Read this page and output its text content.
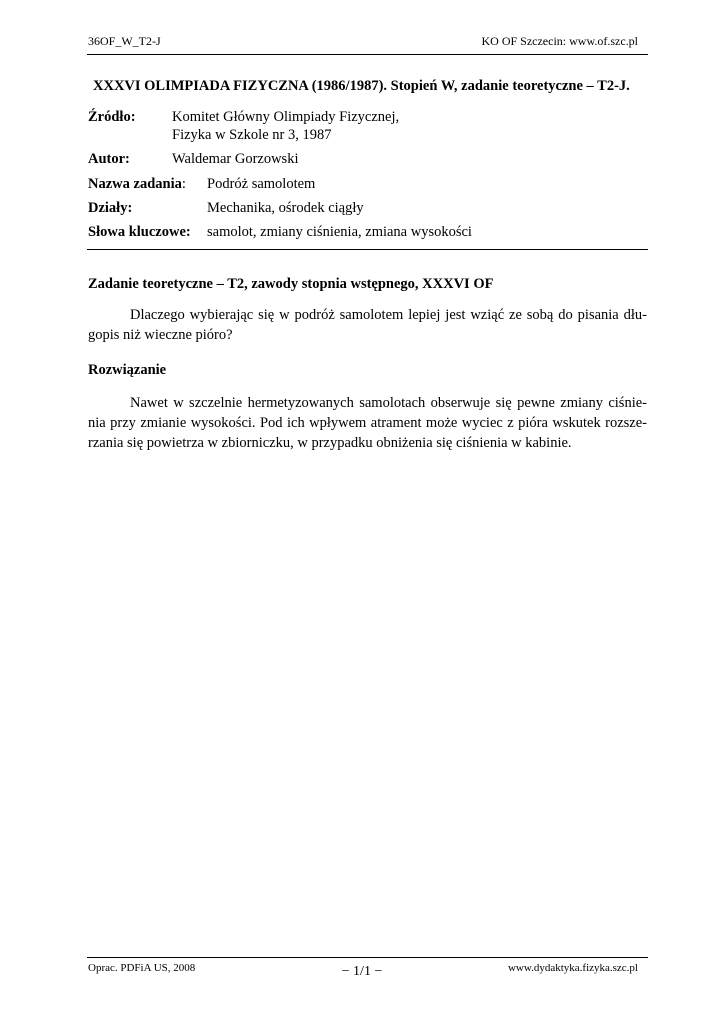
36OF_W_T2-J	KO OF Szczecin: www.of.szc.pl
XXXVI OLIMPIADA FIZYCZNA (1986/1987). Stopień W, zadanie teoretyczne – T2-J.
Źródło:	Komitet Główny Olimpiady Fizycznej,
Fizyka w Szkole nr 3, 1987
Autor:	Waldemar Gorzowski
Nazwa zadania: Podróż samolotem
Działy:	Mechanika, ośrodek ciągły
Słowa kluczowe: samolot, zmiany ciśnienia, zmiana wysokości
Zadanie teoretyczne – T2, zawody stopnia wstępnego, XXXVI OF
Dlaczego wybierając się w podróż samolotem lepiej jest wziąć ze sobą do pisania dłu-
gopis niż wieczne pióro?
Rozwiązanie
Nawet w szczelnie hermetyzowanych samolotach obserwuje się pewne zmiany ciśnie-
nia przy zmianie wysokości. Pod ich wpływem atrament może wyciec z pióra wskutek rozsze-
rzania się powietrza w zbiorniczku, w przypadku obniżenia się ciśnienia w kabinie.
Oprac. PDFiA US, 2008	− 1/1 −	www.dydaktyka.fizyka.szc.pl
